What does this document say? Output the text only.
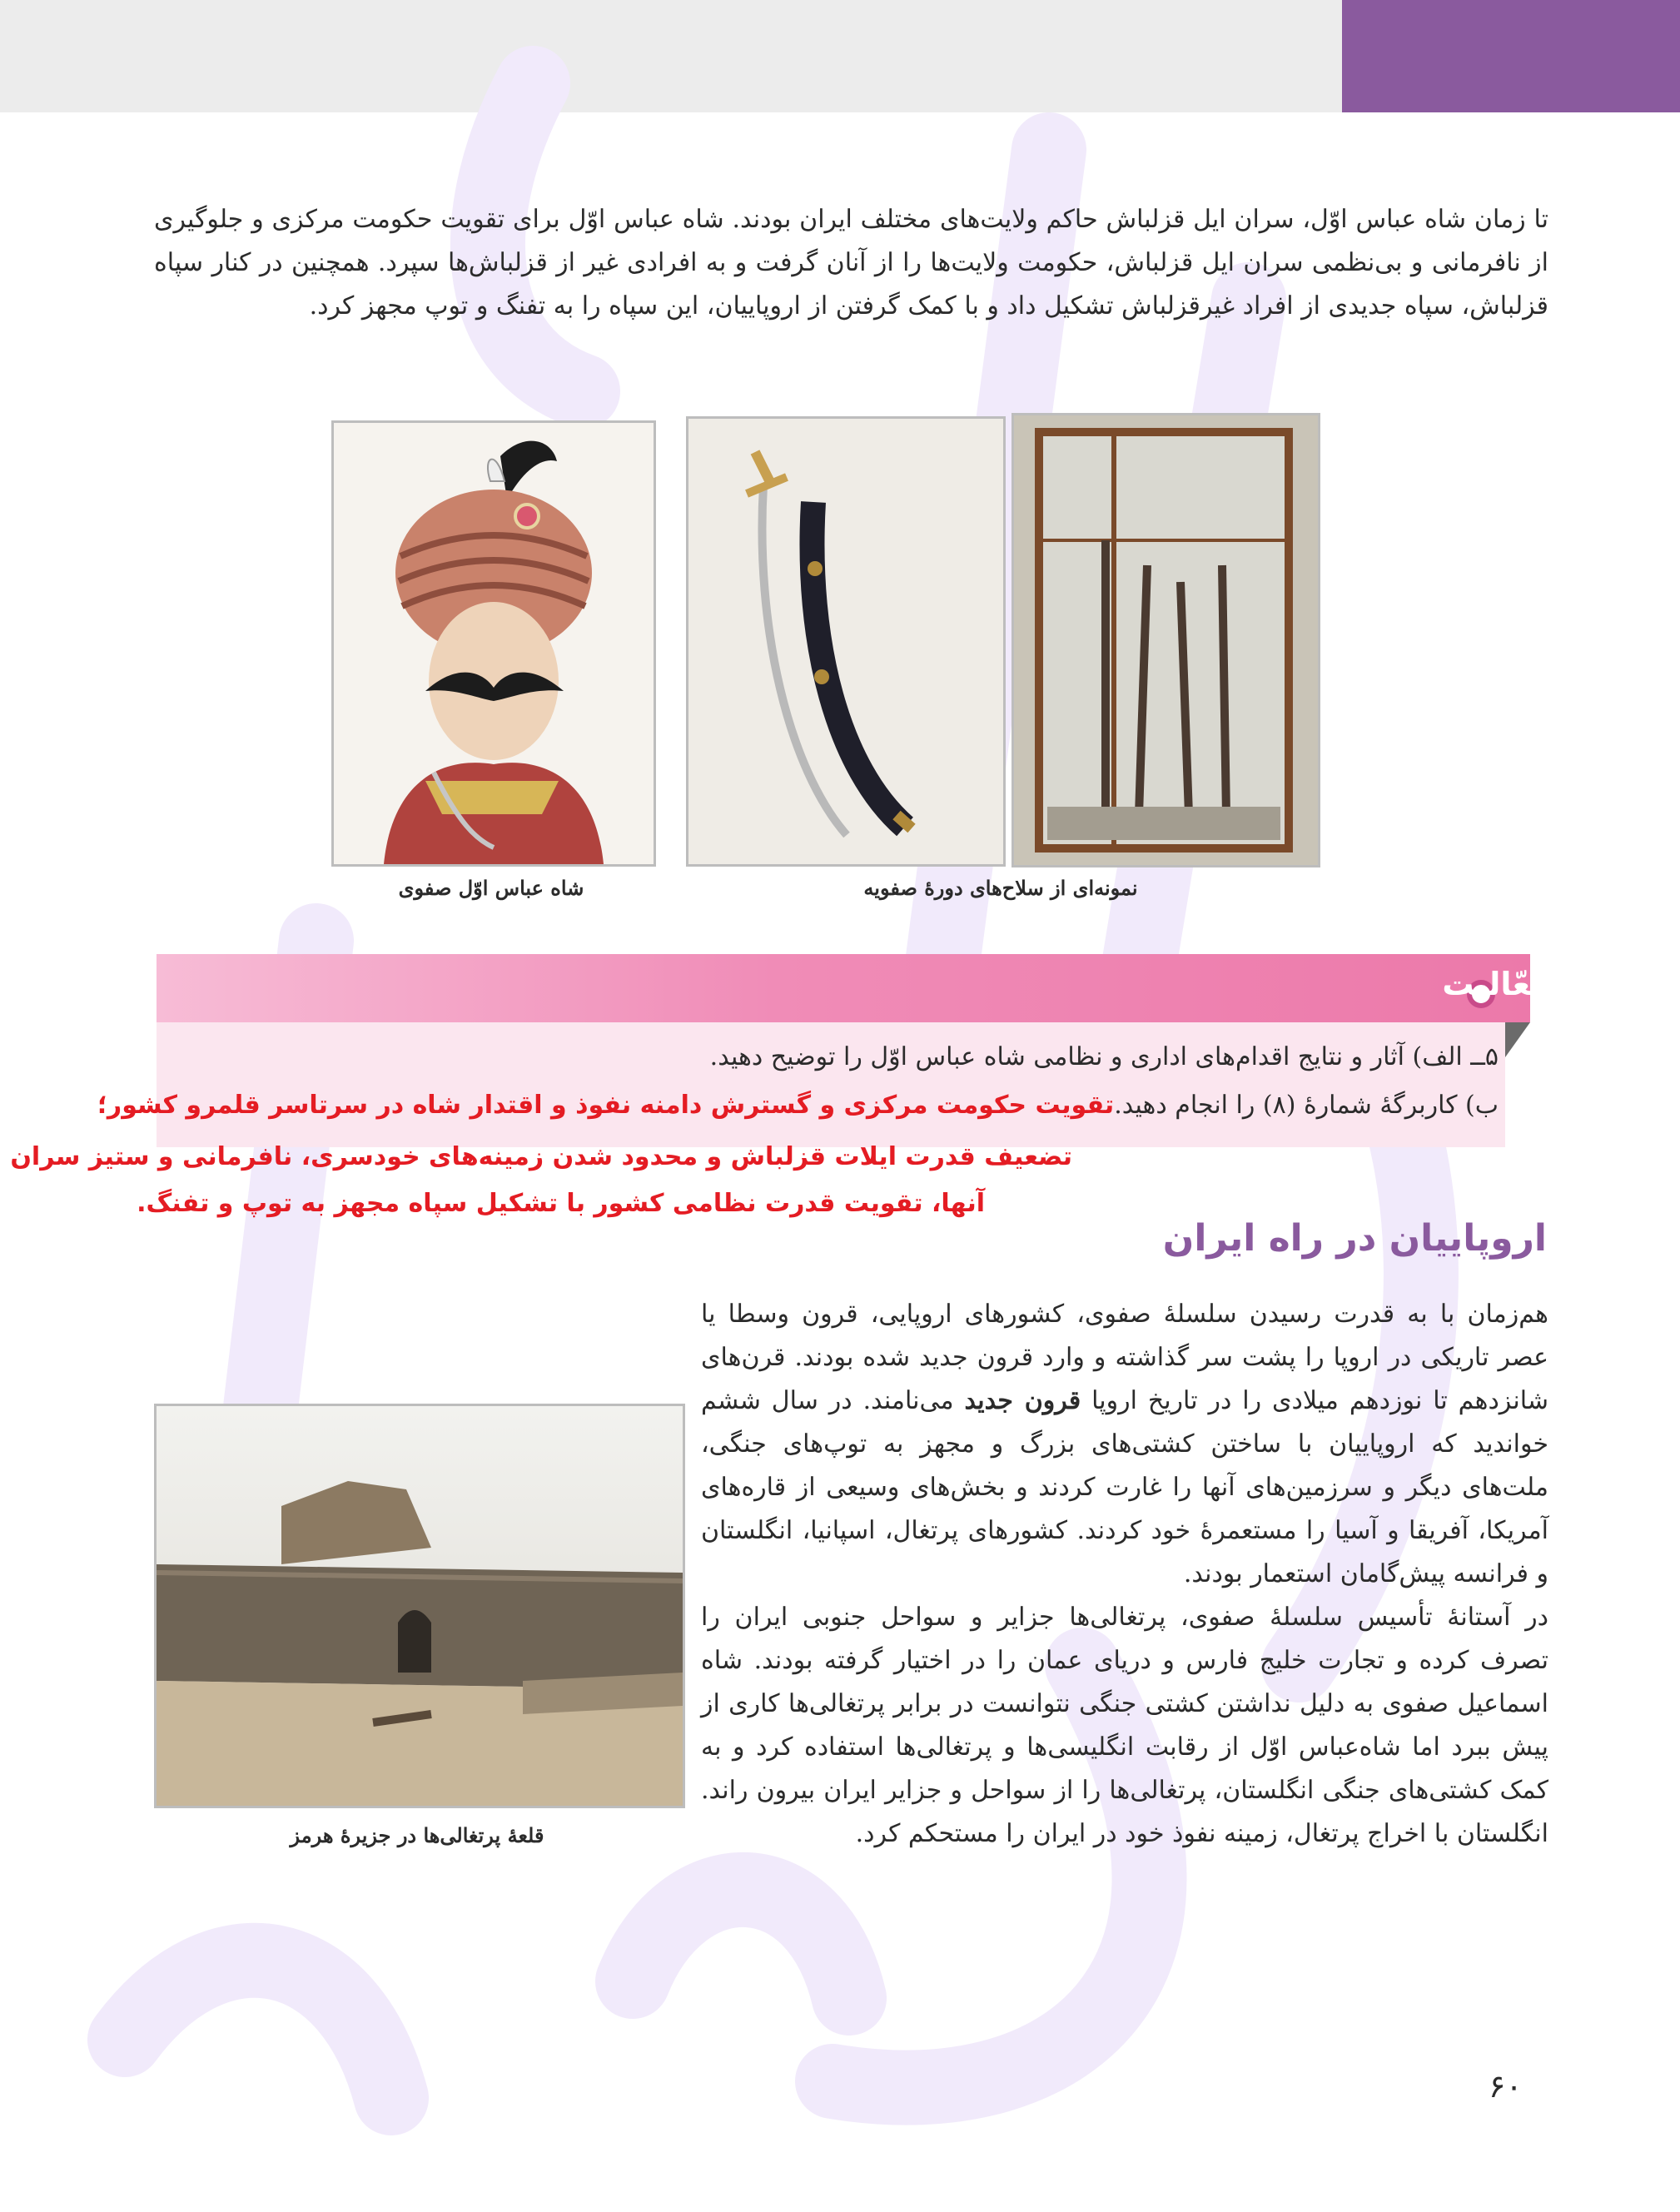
تا زمان شاه عباس اوّل، سران ایل قزلباش حاکم ولایت‌های مختلف ایران بودند. شاه عباس اوّل برای تقویت حکومت مرکزی و جلوگیری از نافرمانی و بی‌نظمی سران ایل قزلباش، حکومت ولایت‌ها را از آنان گرفت و به افرادی غیر از قزلباش‌ها سپرد. همچنین در کنار سپاه قزلباش، سپاه جدیدی از افراد غیرقزلباش تشکیل داد و با کمک گرفتن از اروپاییان، این سپاه را به تفنگ و توپ مجهز کرد.
شاه عباس اوّل صفوی	نمونه‌ای از سلاح‌های دورهٔ صفویه
فعّالیت
۵ــ الف) آثار و نتایج اقدام‌های اداری و نظامی شاه عباس اوّل را توضیح دهید.
ب) کاربرگهٔ شمارهٔ (۸) را انجام دهید.تقویت حکومت مرکزی و گسترش دامنه نفوذ و اقتدار شاه در سرتاسر قلمرو کشور؛
تضعیف قدرت ایلات قزلباش و محدود شدن زمینه‌های خودسری، نافرمانی و ستیز سران
آنها، تقویت قدرت نظامی کشور با تشکیل سپاه مجهز به توپ و تفنگ.
اروپاییان در راه ایران
هم‌زمان با به قدرت رسیدن سلسلهٔ صفوی، کشورهای اروپایی، قرون وسطا یا عصر تاریکی در اروپا را پشت سر گذاشته و وارد قرون جدید شده بودند. قرن‌های شانزدهم تا نوزدهم میلادی را در تاریخ اروپا قرون جدید می‌نامند. در سال ششم خواندید که اروپاییان با ساختن کشتی‌های بزرگ و مجهز به توپ‌های جنگی، ملت‌های دیگر و سرزمین‌های آنها را غارت کردند و بخش‌های وسیعی از قاره‌های آمریکا، آفریقا و آسیا را مستعمرهٔ خود کردند. کشورهای پرتغال، اسپانیا، انگلستان و فرانسه پیش‌گامان استعمار بودند.
در آستانهٔ تأسیس سلسلهٔ صفوی، پرتغالی‌ها جزایر و سواحل جنوبی ایران را تصرف کرده و تجارت خلیج فارس و دریای عمان را در اختیار گرفته بودند. شاه اسماعیل صفوی به دلیل نداشتن کشتی جنگی نتوانست در برابر پرتغالی‌ها کاری از پیش ببرد اما شاه‌عباس اوّل از رقابت انگلیسی‌ها و پرتغالی‌ها استفاده کرد و به کمک کشتی‌های جنگی انگلستان، پرتغالی‌ها را از سواحل و جزایر ایران بیرون راند. انگلستان با اخراج پرتغال، زمینه نفوذ خود در ایران را مستحکم کرد.
قلعهٔ پرتغالی‌ها در جزیرهٔ هرمز
۶۰
